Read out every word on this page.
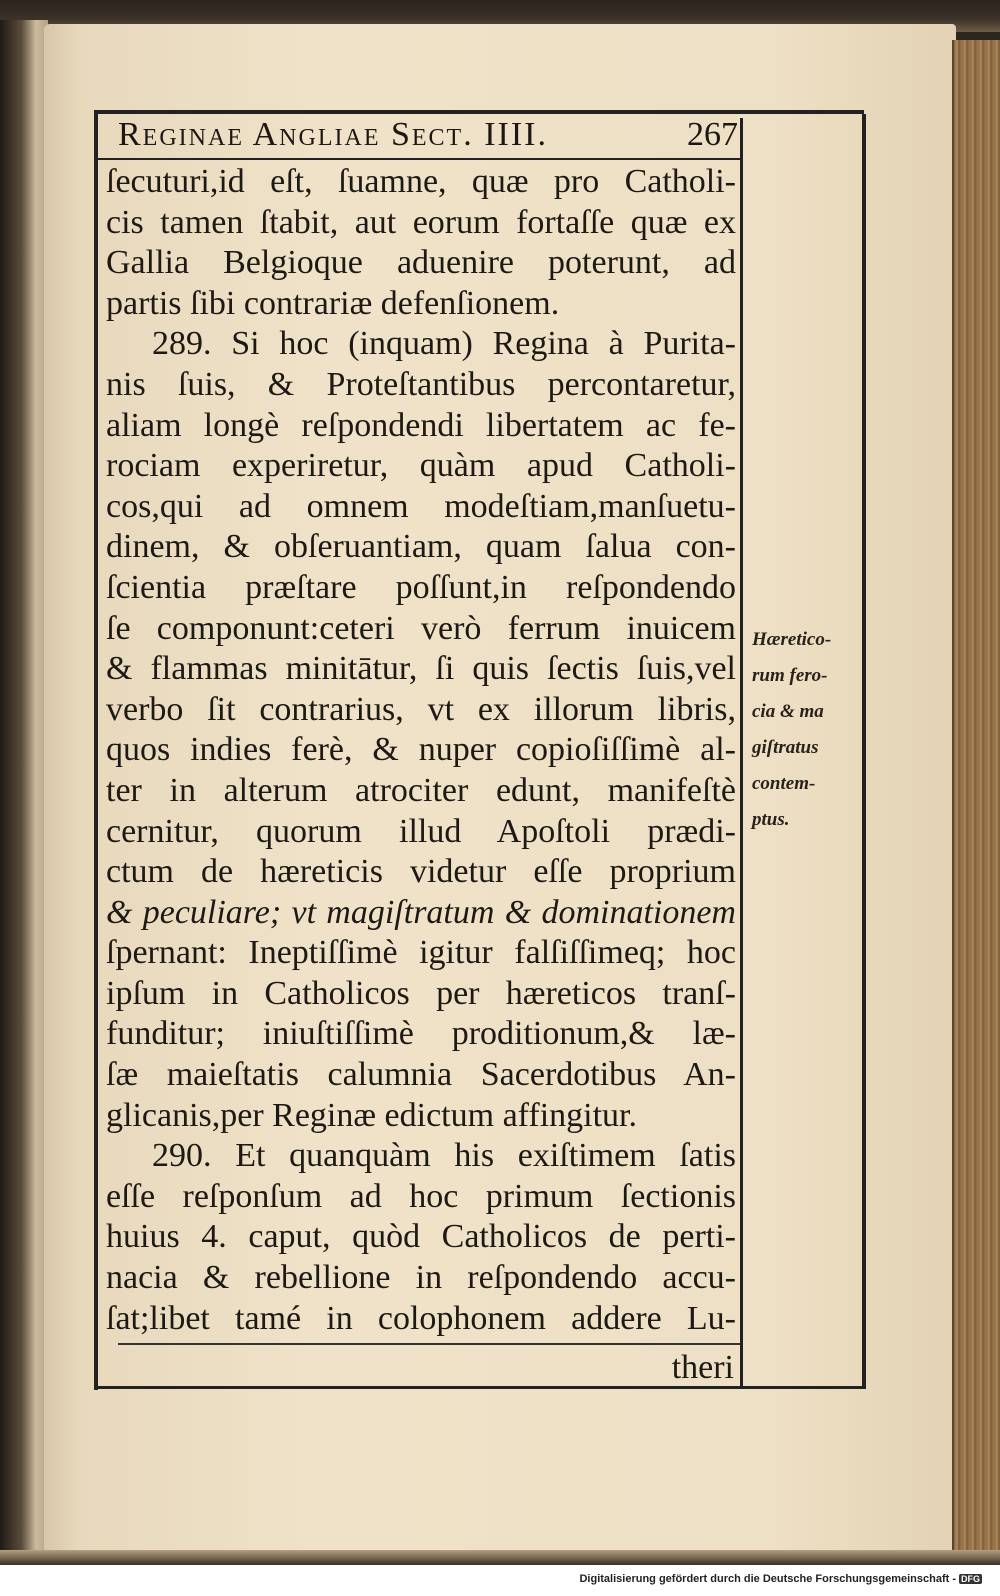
Reginae Angliae Sect. IIII.	267
ſecuturi,id eſt, ſuamne, quæ pro Catholi-
cis tamen ſtabit, aut eorum fortaſſe quæ ex
Gallia Belgioque aduenire poterunt, ad
partis ſibi contrariæ defenſionem.
289. Si hoc (inquam) Regina à Purita-
nis ſuis, & Proteſtantibus percontaretur,
aliam longè reſpondendi libertatem ac fe-
rociam experiretur, quàm apud Catholi-
cos,qui ad omnem modeſtiam,manſuetu-
dinem, & obſeruantiam, quam ſalua con-
ſcientia præſtare poſſunt,in reſpondendo
ſe componunt:ceteri verò ferrum inuicem
& flammas minitātur, ſi quis ſectis ſuis,vel
verbo ſit contrarius, vt ex illorum libris,
quos indies ferè, & nuper copioſiſſimè al-
ter in alterum atrociter edunt, manifeſtè
cernitur, quorum illud Apoſtoli prædi-
ctum de hæreticis videtur eſſe proprium
& peculiare; vt magiſtratum & dominationem
ſpernant: Ineptiſſimè igitur falſiſſimeq; hoc
ipſum in Catholicos per hæreticos tranſ-
funditur; iniuſtiſſimè proditionum,& læ-
ſæ maieſtatis calumnia Sacerdotibus An-
glicanis,per Reginæ edictum affingitur.
290. Et quanquàm his exiſtimem ſatis
eſſe reſponſum ad hoc primum ſectionis
huius 4. caput, quòd Catholicos de perti-
nacia & rebellione in reſpondendo accu-
ſat;libet tamé in colophonem addere Lu-
Hæretico-
rum fero-
cia & ma
giſtratus
contem-
ptus.
theri
Digitalisierung gefördert durch die Deutsche Forschungsgemeinschaft - DFG
